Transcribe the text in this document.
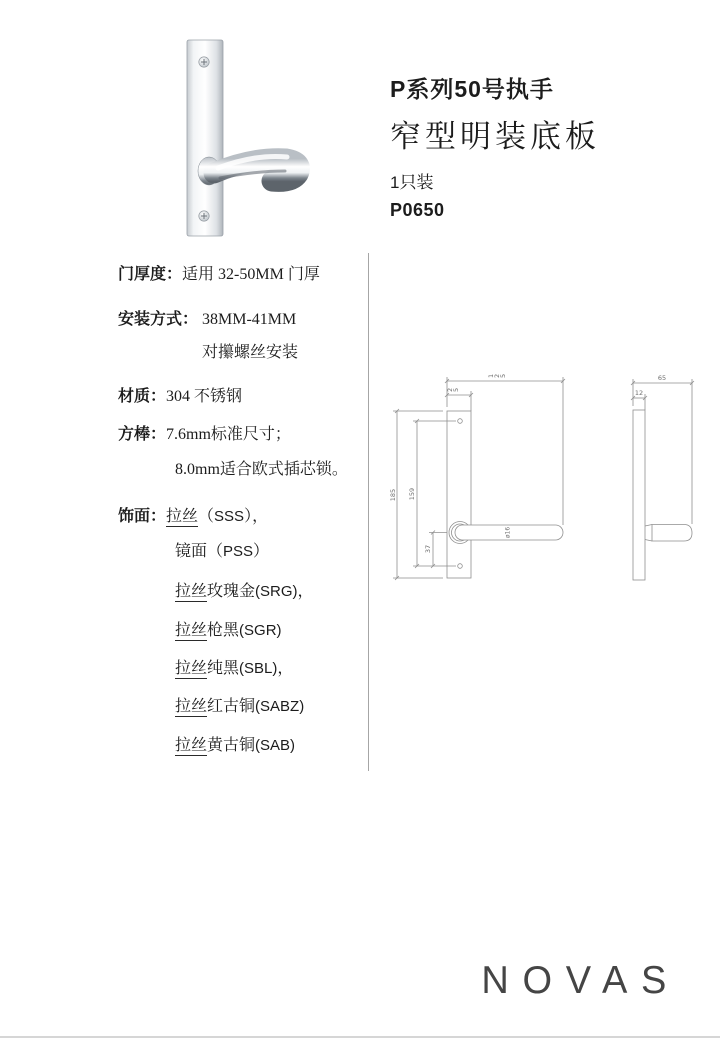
P系列50号执手
窄型明装底板
1只装
P0650
门厚度：适用 32-50MM 门厚
安装方式： 38MM-41MM
对攥螺丝安装
材质：304 不锈钢
方棒：7.6mm标准尺寸；
8.0mm适合欧式插芯锁。
饰面：拉丝（SSS），
镜面（PSS）
拉丝玫瑰金(SRG)，
拉丝枪黑(SGR)
拉丝纯黑(SBL)，
拉丝红古铜(SABZ)
拉丝黄古铜(SAB)
125
25
185 159
37
ø16
65
12
NOVAS
